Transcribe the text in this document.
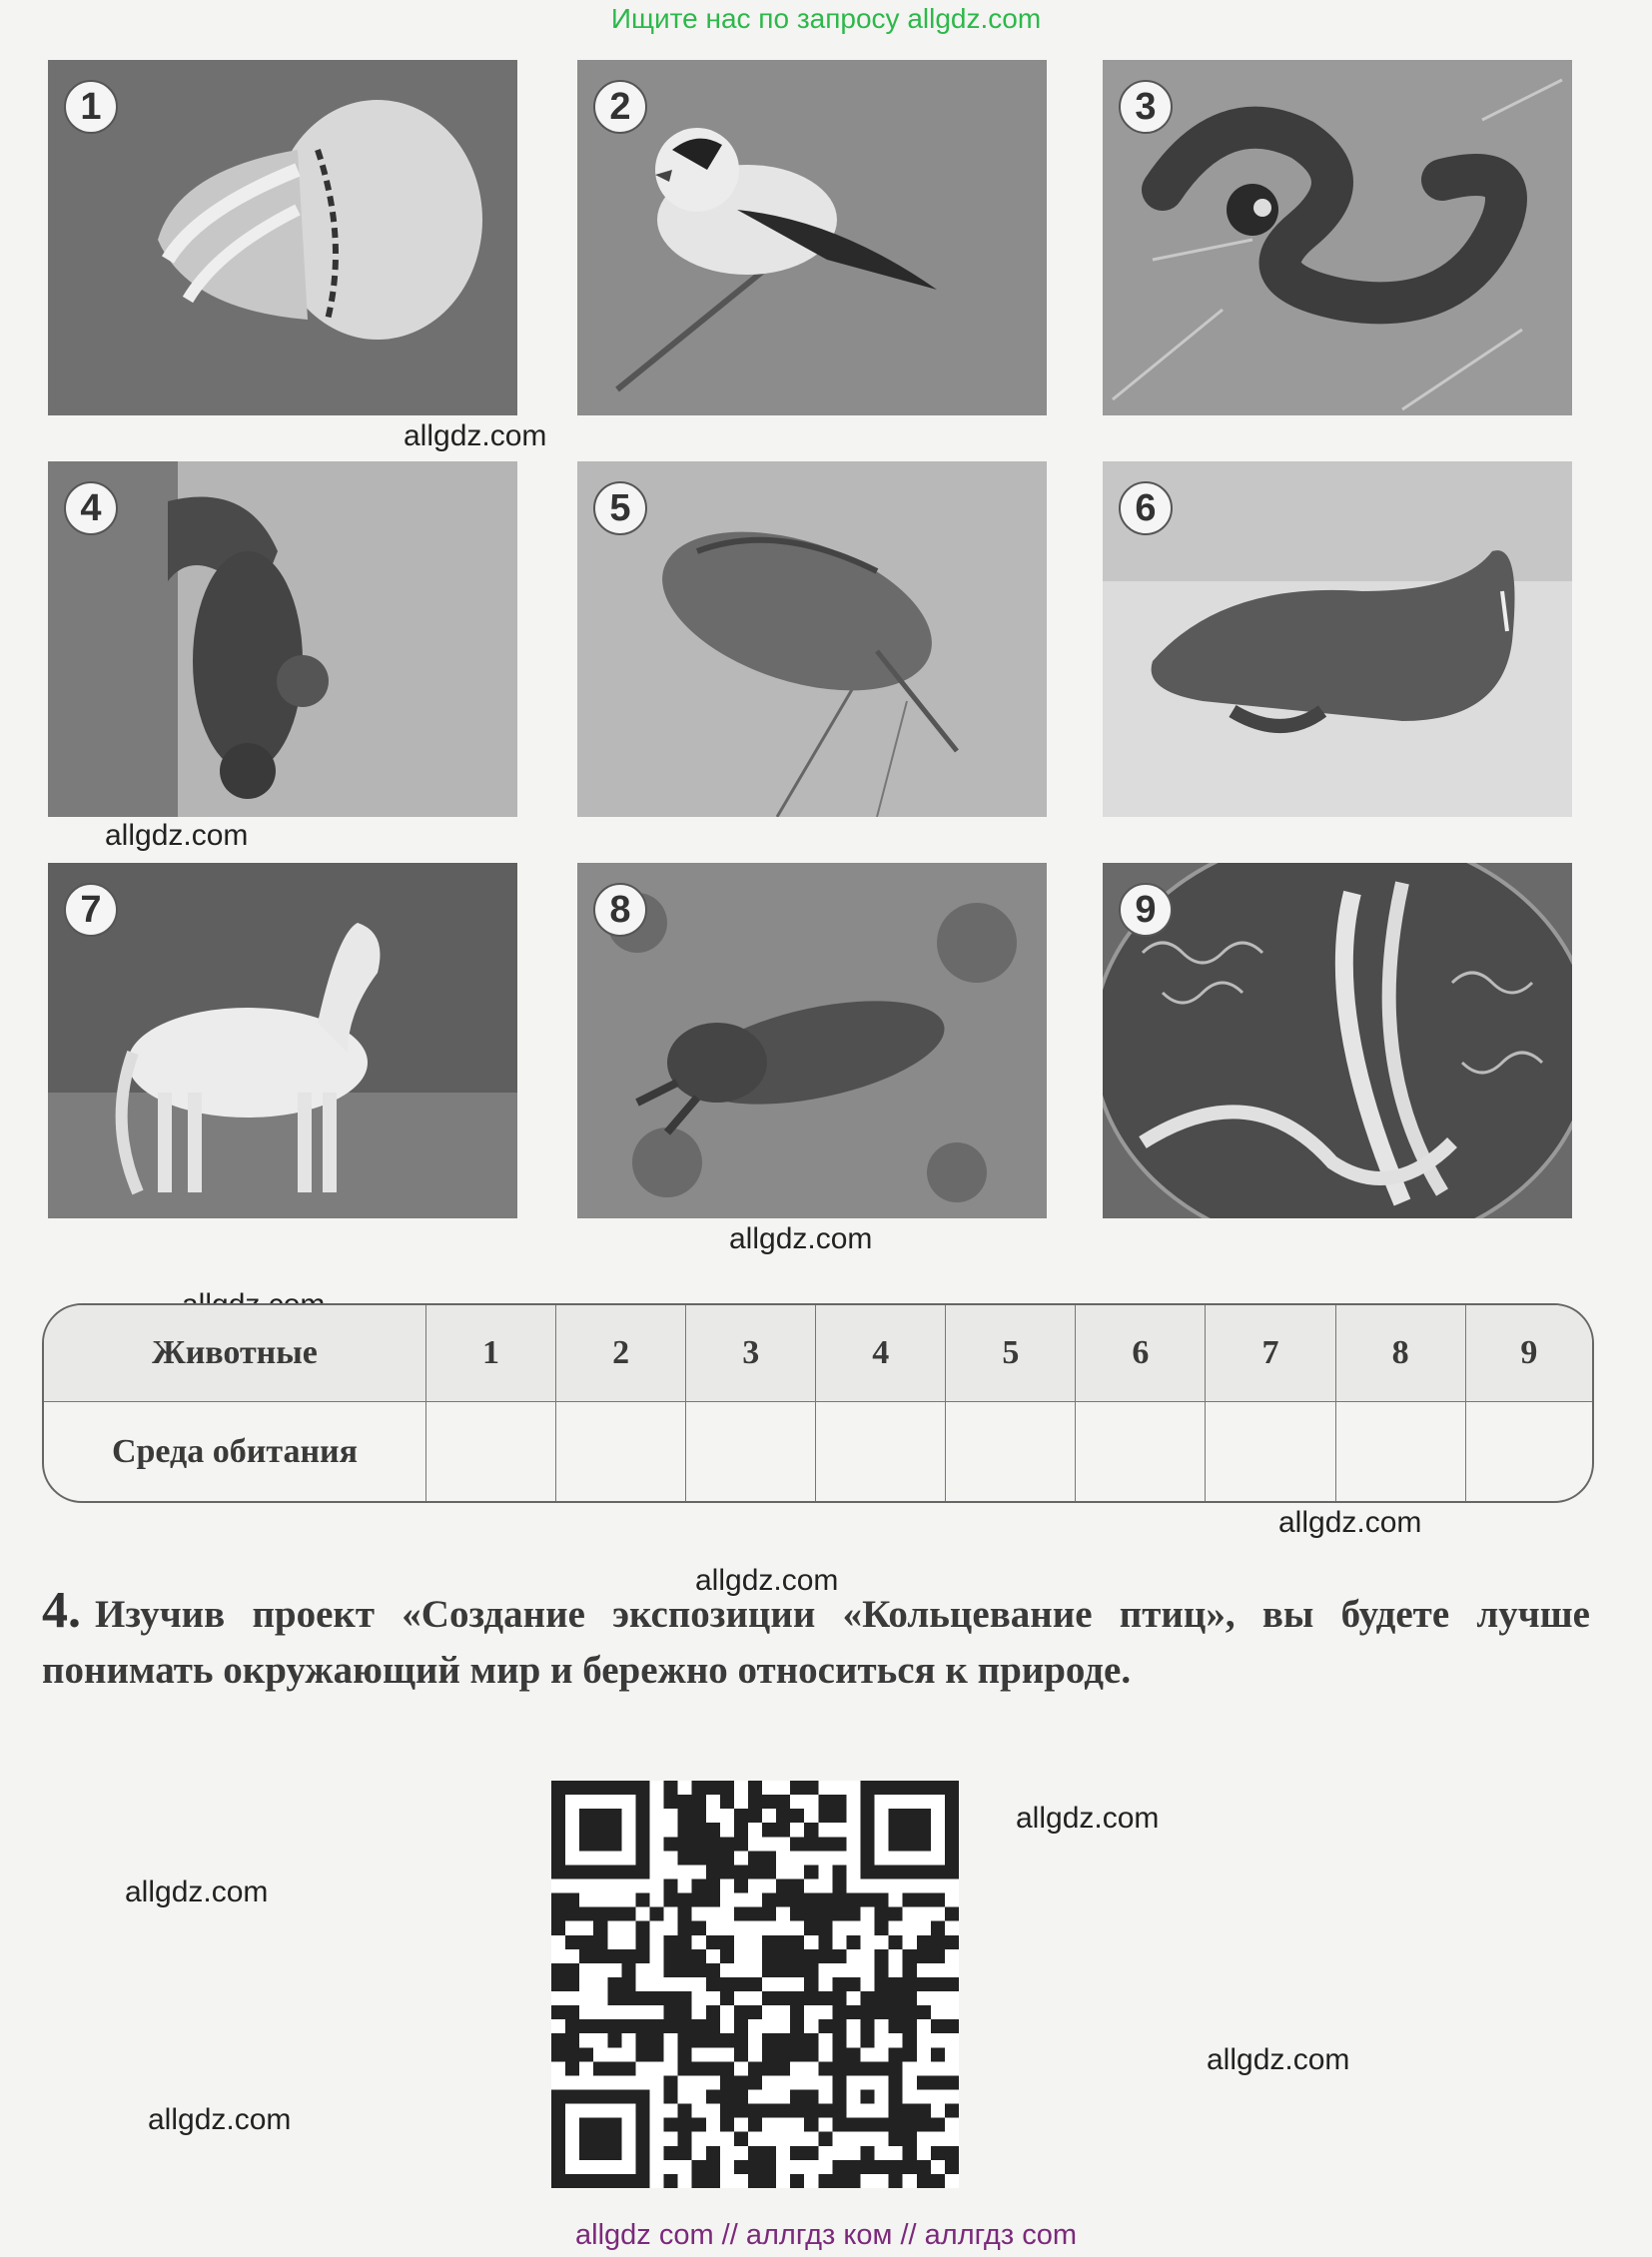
Ищите нас по запросу allgdz.com
1	2	3
4	5	6
7	8	9
allgdz.com
allgdz.com
allgdz.com
Животные	1	2	3	4	5	6	7	8	9
Среда обитания									
allgdz.com
allgdz.com
4. Изучив проект «Создание экспозиции «Кольцевание птиц», вы будете лучше понимать окружающий мир и бережно относиться к природе.
allgdz.com
allgdz.com
allgdz.com
allgdz.com
allgdz com // аллгдз ком // аллгдз com
